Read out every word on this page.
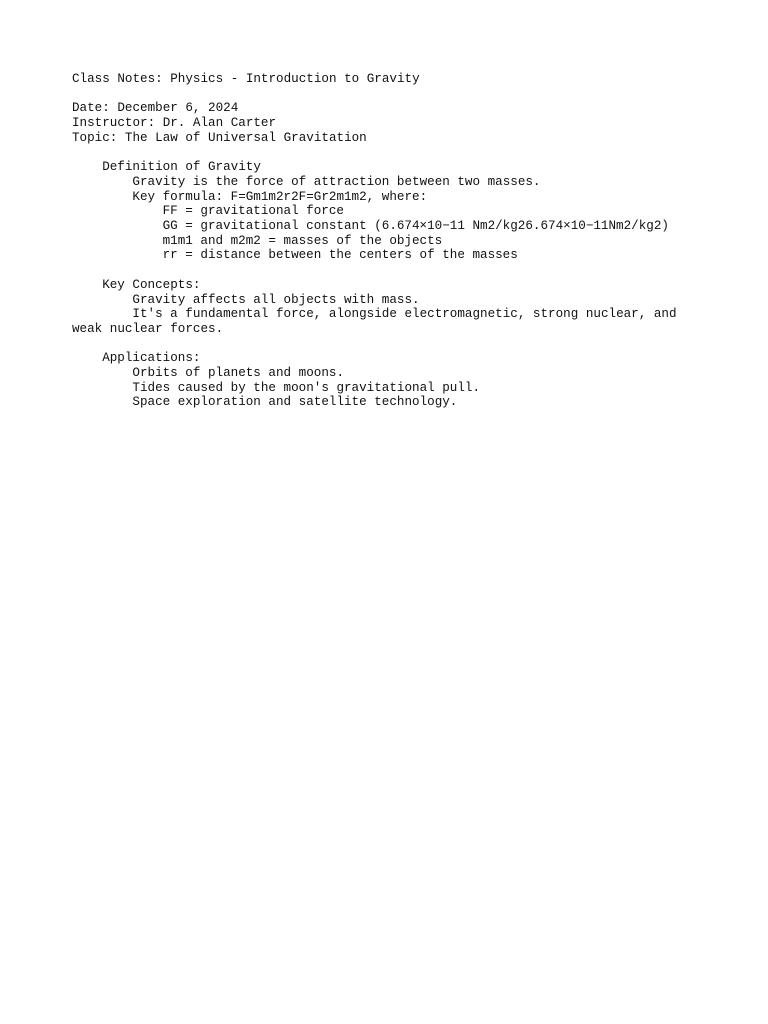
Class Notes: Physics - Introduction to Gravity
Date: December 6, 2024
Instructor: Dr. Alan Carter
Topic: The Law of Universal Gravitation
Definition of Gravity
Gravity is the force of attraction between two masses.
Key formula: F=Gm1m2r2F=Gr2m1m2, where:
FF = gravitational force
GG = gravitational constant (6.674×10−11 Nm2/kg26.674×10−11Nm2/kg2)
m1m1 and m2m2 = masses of the objects
rr = distance between the centers of the masses
Key Concepts:
Gravity affects all objects with mass.
It's a fundamental force, alongside electromagnetic, strong nuclear, and
weak nuclear forces.
Applications:
Orbits of planets and moons.
Tides caused by the moon's gravitational pull.
Space exploration and satellite technology.
